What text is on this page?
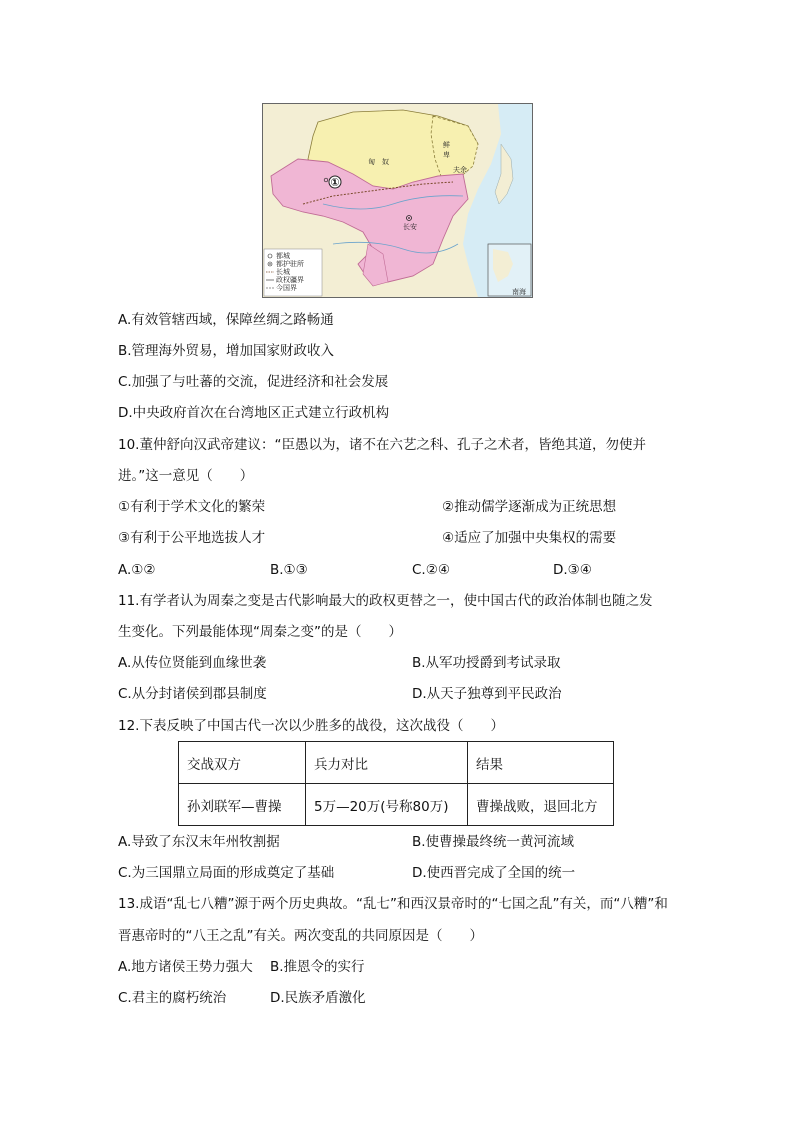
①
长安
匈　奴
鲜
卑
夫余
南海
都城
都护驻所
长城
政权疆界
今国界
A.有效管辖西域，保障丝绸之路畅通
B.管理海外贸易，增加国家财政收入
C.加强了与吐蕃的交流，促进经济和社会发展
D.中央政府首次在台湾地区正式建立行政机构
10.董仲舒向汉武帝建议：“臣愚以为，诸不在六艺之科、孔子之术者，皆绝其道，勿使并
进。”这一意见（　　）
①有利于学术文化的繁荣	②推动儒学逐渐成为正统思想
③有利于公平地选拔人才	④适应了加强中央集权的需要
A.①②	B.①③	C.②④	D.③④
11.有学者认为周秦之变是古代影响最大的政权更替之一，使中国古代的政治体制也随之发
生变化。下列最能体现“周秦之变”的是（　　）
A.从传位贤能到血缘世袭	B.从军功授爵到考试录取
C.从分封诸侯到郡县制度	D.从天子独尊到平民政治
12.下表反映了中国古代一次以少胜多的战役，这次战役（　　）
交战双方	兵力对比	结果
孙刘联军—曹操	5万—20万(号称80万)	曹操战败，退回北方
A.导致了东汉末年州牧割据	B.使曹操最终统一黄河流域
C.为三国鼎立局面的形成奠定了基础	D.使西晋完成了全国的统一
13.成语“乱七八糟”源于两个历史典故。“乱七”和西汉景帝时的“七国之乱”有关，而“八糟”和
晋惠帝时的“八王之乱”有关。两次变乱的共同原因是（　　）
A.地方诸侯王势力强大 B.推恩令的实行
C.君主的腐朽统治	D.民族矛盾激化
